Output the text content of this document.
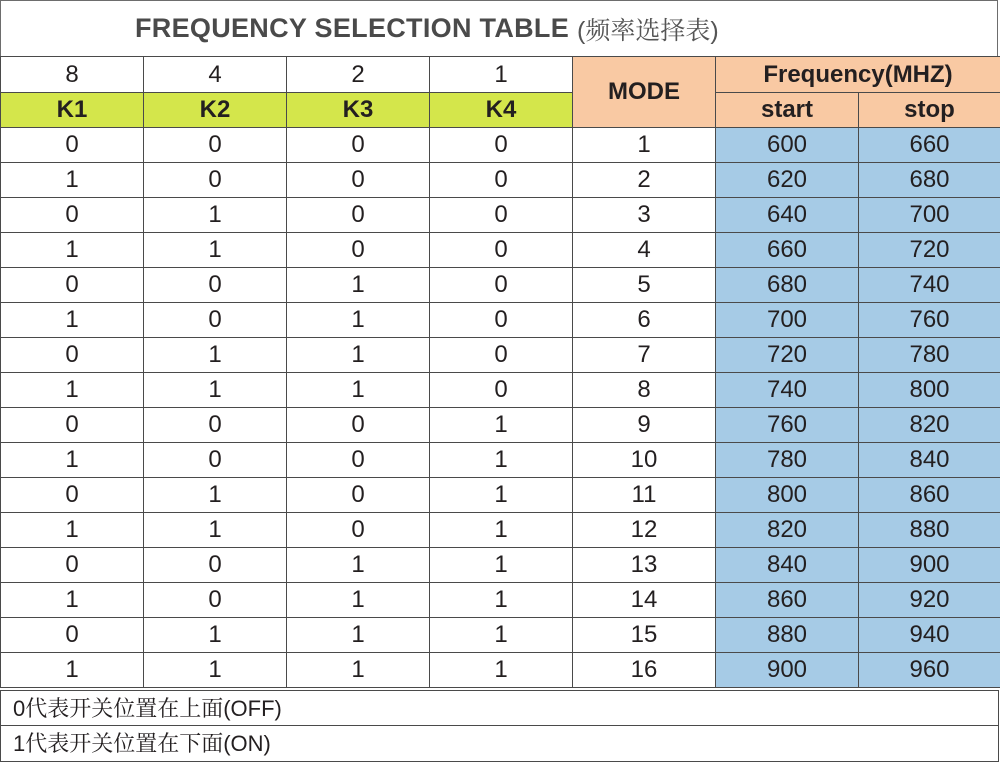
FREQUENCY SELECTION TABLE (频率选择表)
8	4	2	1	MODE	Frequency(MHZ)	
K1	K2	K3	K4		start	stop
0	0	0	0	1	600	660
1	0	0	0	2	620	680
0	1	0	0	3	640	700
1	1	0	0	4	660	720
0	0	1	0	5	680	740
1	0	1	0	6	700	760
0	1	1	0	7	720	780
1	1	1	0	8	740	800
0	0	0	1	9	760	820
1	0	0	1	10	780	840
0	1	0	1	11	800	860
1	1	0	1	12	820	880
0	0	1	1	13	840	900
1	0	1	1	14	860	920
0	1	1	1	15	880	940
1	1	1	1	16	900	960
0代表开关位置在上面(OFF)
1代表开关位置在下面(ON)
